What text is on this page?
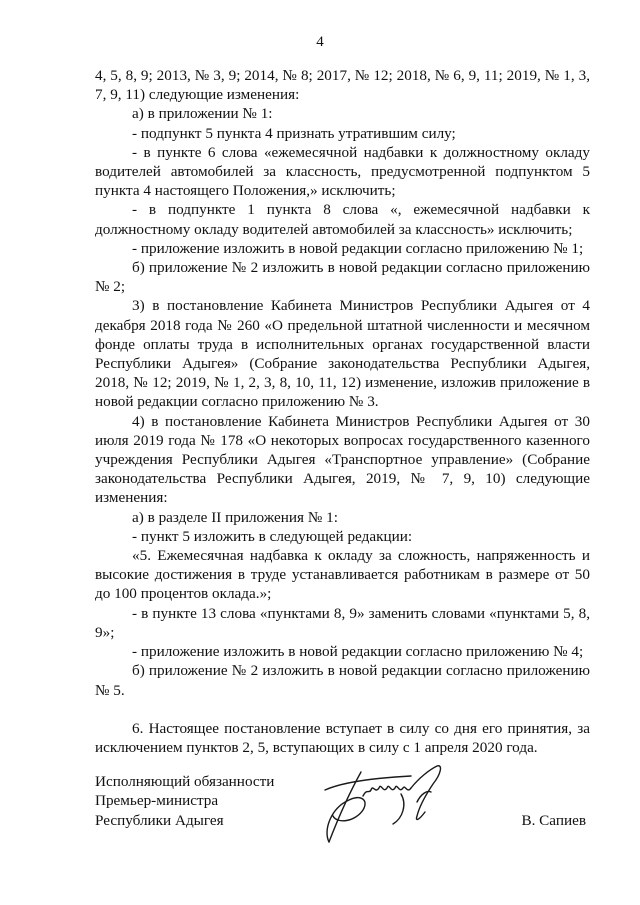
4

4, 5, 8, 9; 2013, № 3, 9; 2014, № 8; 2017, № 12; 2018, № 6, 9, 11; 2019, № 1, 3, 7, 9, 11) следующие изменения:

а) в приложении № 1:

- подпункт 5 пункта 4 признать утратившим силу;

- в пункте 6 слова «ежемесячной надбавки к должностному окладу водителей автомобилей за классность, предусмотренной подпунктом 5 пункта 4 настоящего Положения,» исключить;

- в подпункте 1 пункта 8 слова «, ежемесячной надбавки к должностному окладу водителей автомобилей за классность» исключить;

- приложение изложить в новой редакции согласно приложению № 1;

б) приложение № 2 изложить в новой редакции согласно приложению № 2;

3) в постановление Кабинета Министров Республики Адыгея от 4 декабря 2018 года № 260 «О предельной штатной численности и месячном фонде оплаты труда в исполнительных органах государственной власти Республики Адыгея» (Собрание законодательства Республики Адыгея, 2018, № 12; 2019, № 1, 2, 3, 8, 10, 11, 12) изменение, изложив приложение в новой редакции согласно приложению № 3.

4) в постановление Кабинета Министров Республики Адыгея от 30 июля 2019 года № 178 «О некоторых вопросах государственного казенного учреждения Республики Адыгея «Транспортное управление» (Собрание законодательства Республики Адыгея, 2019, № 7, 9, 10) следующие изменения:

а) в разделе II приложения № 1:

- пункт 5 изложить в следующей редакции:

«5. Ежемесячная надбавка к окладу за сложность, напряженность и высокие достижения в труде устанавливается работникам в размере от 50 до 100 процентов оклада.»;

- в пункте 13 слова «пунктами 8, 9» заменить словами «пунктами 5, 8, 9»;

- приложение изложить в новой редакции согласно приложению № 4;

б) приложение № 2 изложить в новой редакции согласно приложению № 5.

6. Настоящее постановление вступает в силу со дня его принятия, за исключением пунктов 2, 5, вступающих в силу с 1 апреля 2020 года.

Исполняющий обязанности
Премьер-министра
Республики Адыгея	В. Сапиев
